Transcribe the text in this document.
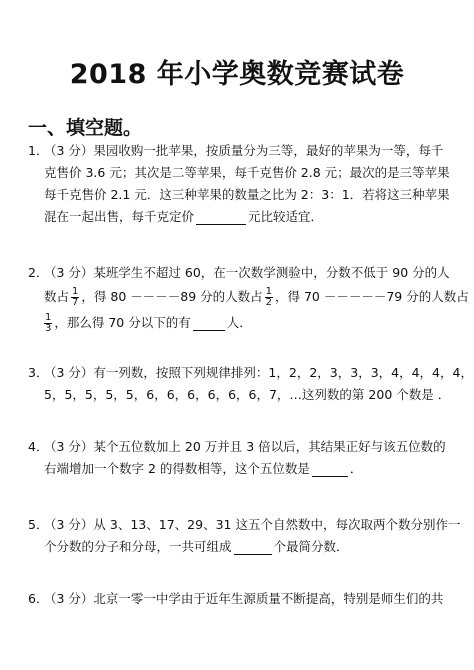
2018 年小学奥数竞赛试卷
一、填空题。
1．
（3 分）果园收购一批苹果，按质量分为三等，最好的苹果为一等，每千
克售价 3.6 元；其次是二等苹果，每千克售价 2.8 元；最次的是三等苹果
每千克售价 2.1 元．这三种苹果的数量之比为 2：3：1．若将这三种苹果
混在一起出售，每千克定价	元比较适宜．
2．
（3 分）某班学生不超过 60，在一次数学测验中，分数不低于 90 分的人
数占 $\frac{1}{7}$ ，得 80 －－－－89 分的人数占 $\frac{1}{2}$ ，得 70 －－－－－79 分的人数占
$\frac{1}{3}$ ，那么得 70 分以下的有	人．
3．
（3 分）有一列数，按照下列规律排列：1，2，2，3，3，3，4，4，4，4，
5，5，5，5，5，6，6，6，6，6，6，7，…这列数的第 200 个数是 ．
4．
（3 分）某个五位数加上 20 万并且 3 倍以后，其结果正好与该五位数的
右端增加一个数字 2 的得数相等，这个五位数是	．
5．
（3 分）从 3、13、17、29、31 这五个自然数中，每次取两个数分别作一
个分数的分子和分母，一共可组成	个最简分数．
6．
（3 分）北京一零一中学由于近年生源质量不断提高，特别是师生们的共
